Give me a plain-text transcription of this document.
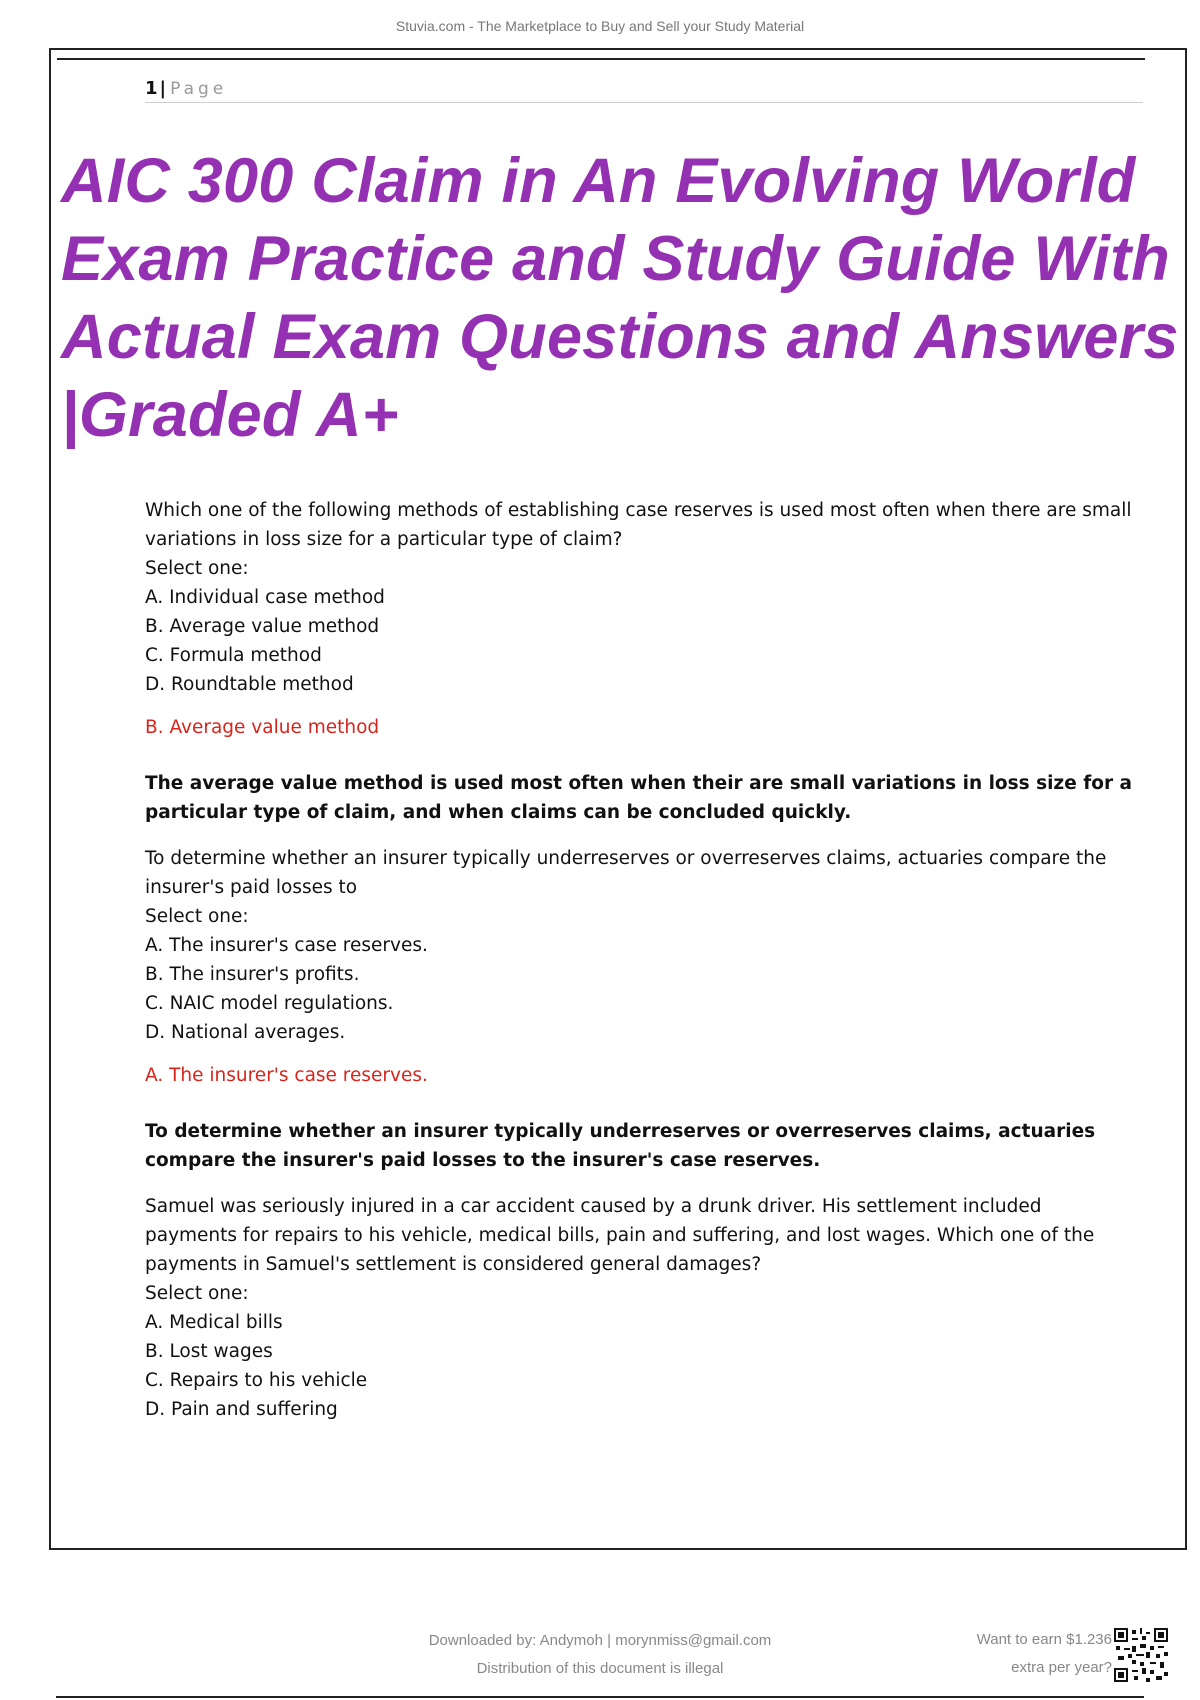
Stuvia.com - The Marketplace to Buy and Sell your Study Material
1 | Page
AIC 300 Claim in An Evolving World Exam Practice and Study Guide With Actual Exam Questions and Answers |Graded A+

Which one of the following methods of establishing case reserves is used most often when there are small variations in loss size for a particular type of claim?

Select one:

A. Individual case method

B. Average value method

C. Formula method

D. Roundtable method

B. Average value method

The average value method is used most often when their are small variations in loss size for a particular type of claim, and when claims can be concluded quickly.

To determine whether an insurer typically underreserves or overreserves claims, actuaries compare the insurer's paid losses to

Select one:

A. The insurer's case reserves.

B. The insurer's profits.

C. NAIC model regulations.

D. National averages.

A. The insurer's case reserves.

To determine whether an insurer typically underreserves or overreserves claims, actuaries compare the insurer's paid losses to the insurer's case reserves.

Samuel was seriously injured in a car accident caused by a drunk driver. His settlement included payments for repairs to his vehicle, medical bills, pain and suffering, and lost wages. Which one of the payments in Samuel's settlement is considered general damages?

Select one:

A. Medical bills

B. Lost wages

C. Repairs to his vehicle

D. Pain and suffering

Downloaded by: Andymoh | morynmiss@gmail.com
Distribution of this document is illegal
Want to earn $1.236
extra per year?
